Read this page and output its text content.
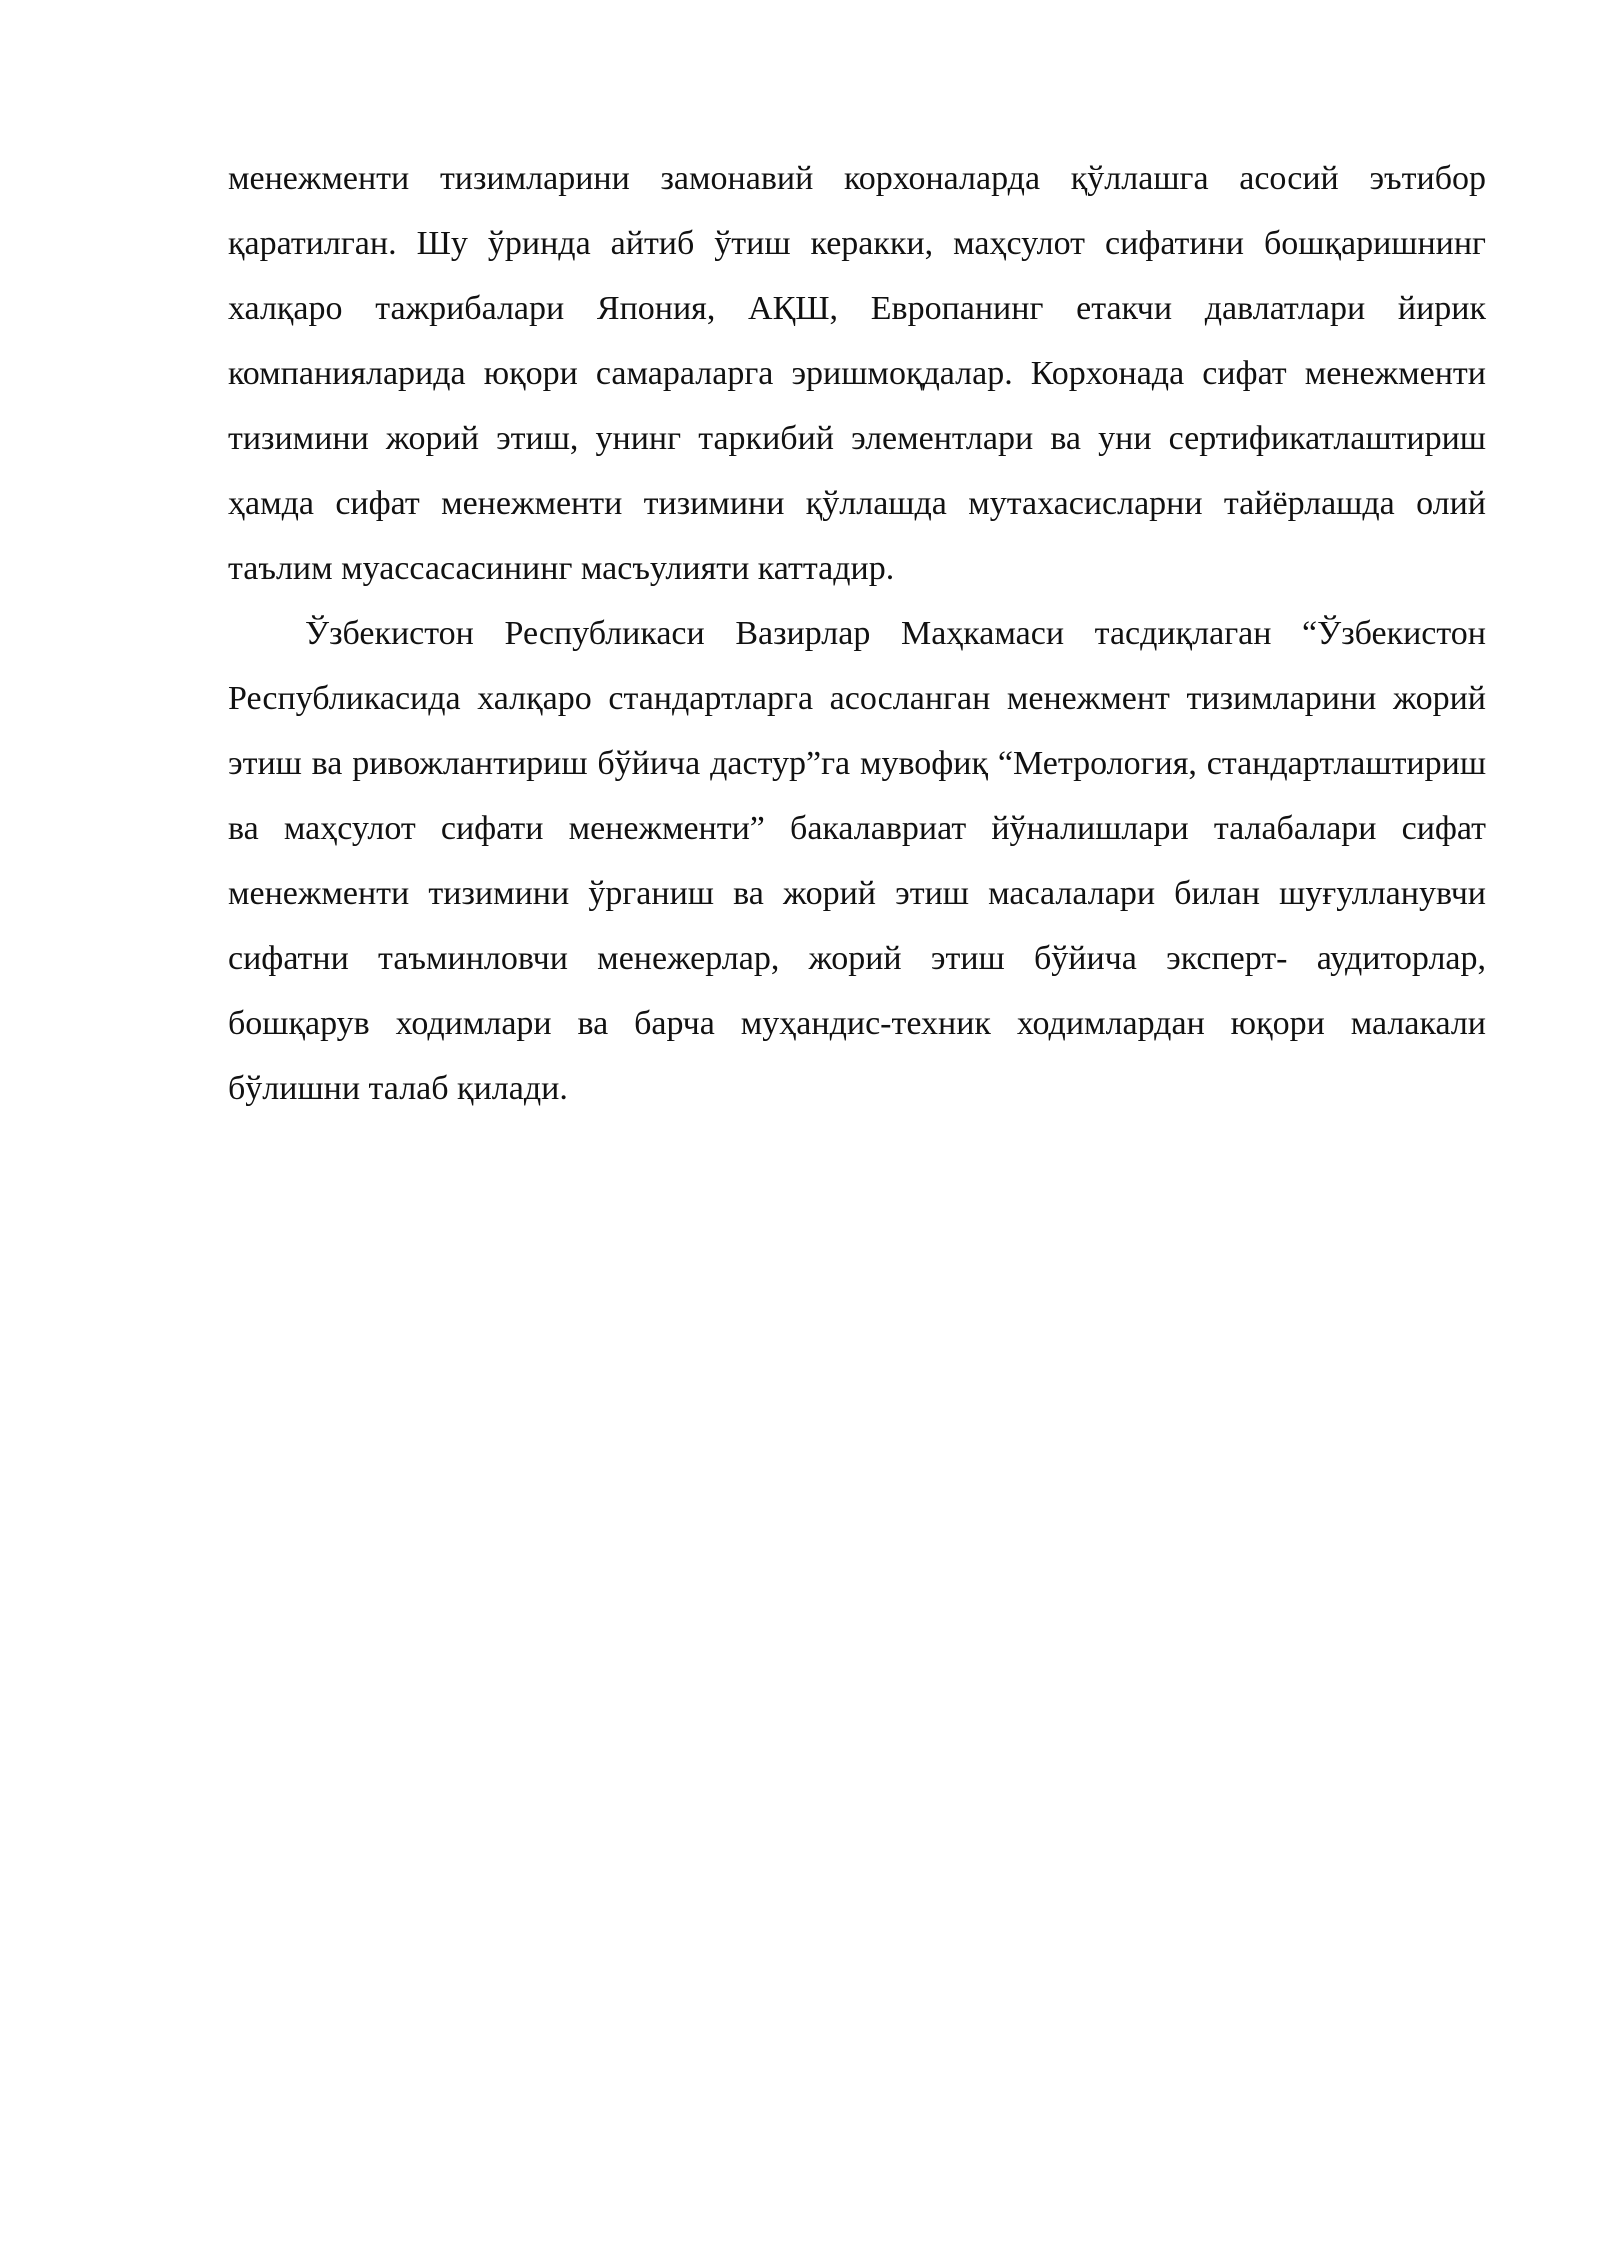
менежменти тизимларини замонавий корхоналарда қўллашга асосий эътибор қаратилган. Шу ўринда айтиб ўтиш керакки, маҳсулот сифатини бошқаришнинг халқаро тажрибалари Япония, АҚШ, Европанинг етакчи давлатлари йирик компанияларида юқори самараларга эришмоқдалар. Корхонада сифат менежменти тизимини жорий этиш, унинг таркибий элементлари ва уни сертификатлаштириш ҳамда сифат менежменти тизимини қўллашда мутахасисларни тайёрлашда олий таълим муассасасининг масъулияти каттадир.

Ўзбекистон Республикаси Вазирлар Маҳкамаси тасдиқлаган “Ўзбекистон Республикасида халқаро стандартларга асосланган менежмент тизимларини жорий этиш ва ривожлантириш бўйича дастур”га мувофиқ “Метрология, стандартлаштириш ва маҳсулот сифати менежменти” бакалавриат йўналишлари талабалари сифат менежменти тизимини ўрганиш ва жорий этиш масалалари билан шуғулланувчи сифатни таъминловчи менежерлар, жорий этиш бўйича эксперт- аудиторлар, бошқарув ходимлари ва барча муҳандис-техник ходимлардан юқори малакали бўлишни талаб қилади.
